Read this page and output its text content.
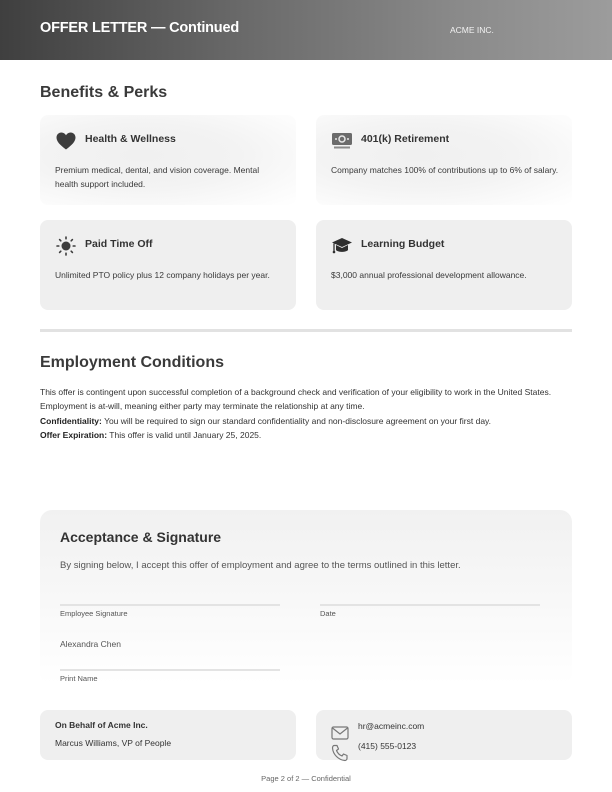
OFFER LETTER — Continued	ACME INC.
Benefits & Perks
Health & Wellness
Premium medical, dental, and vision coverage. Mental health support included.
401(k) Retirement
Company matches 100% of contributions up to 6% of salary.
Paid Time Off
Unlimited PTO policy plus 12 company holidays per year.
Learning Budget
$3,000 annual professional development allowance.
Employment Conditions
This offer is contingent upon successful completion of a background check and verification of your eligibility to work in the United States. Employment is at-will, meaning either party may terminate the relationship at any time.
Confidentiality: You will be required to sign our standard confidentiality and non-disclosure agreement on your first day.
Offer Expiration: This offer is valid until January 25, 2025.
Acceptance & Signature
By signing below, I accept this offer of employment and agree to the terms outlined in this letter.
Employee Signature	Date
Alexandra Chen
Print Name
On Behalf of Acme Inc.
Marcus Williams, VP of People
hr@acmeinc.com
(415) 555-0123
Page 2 of 2 — Confidential
